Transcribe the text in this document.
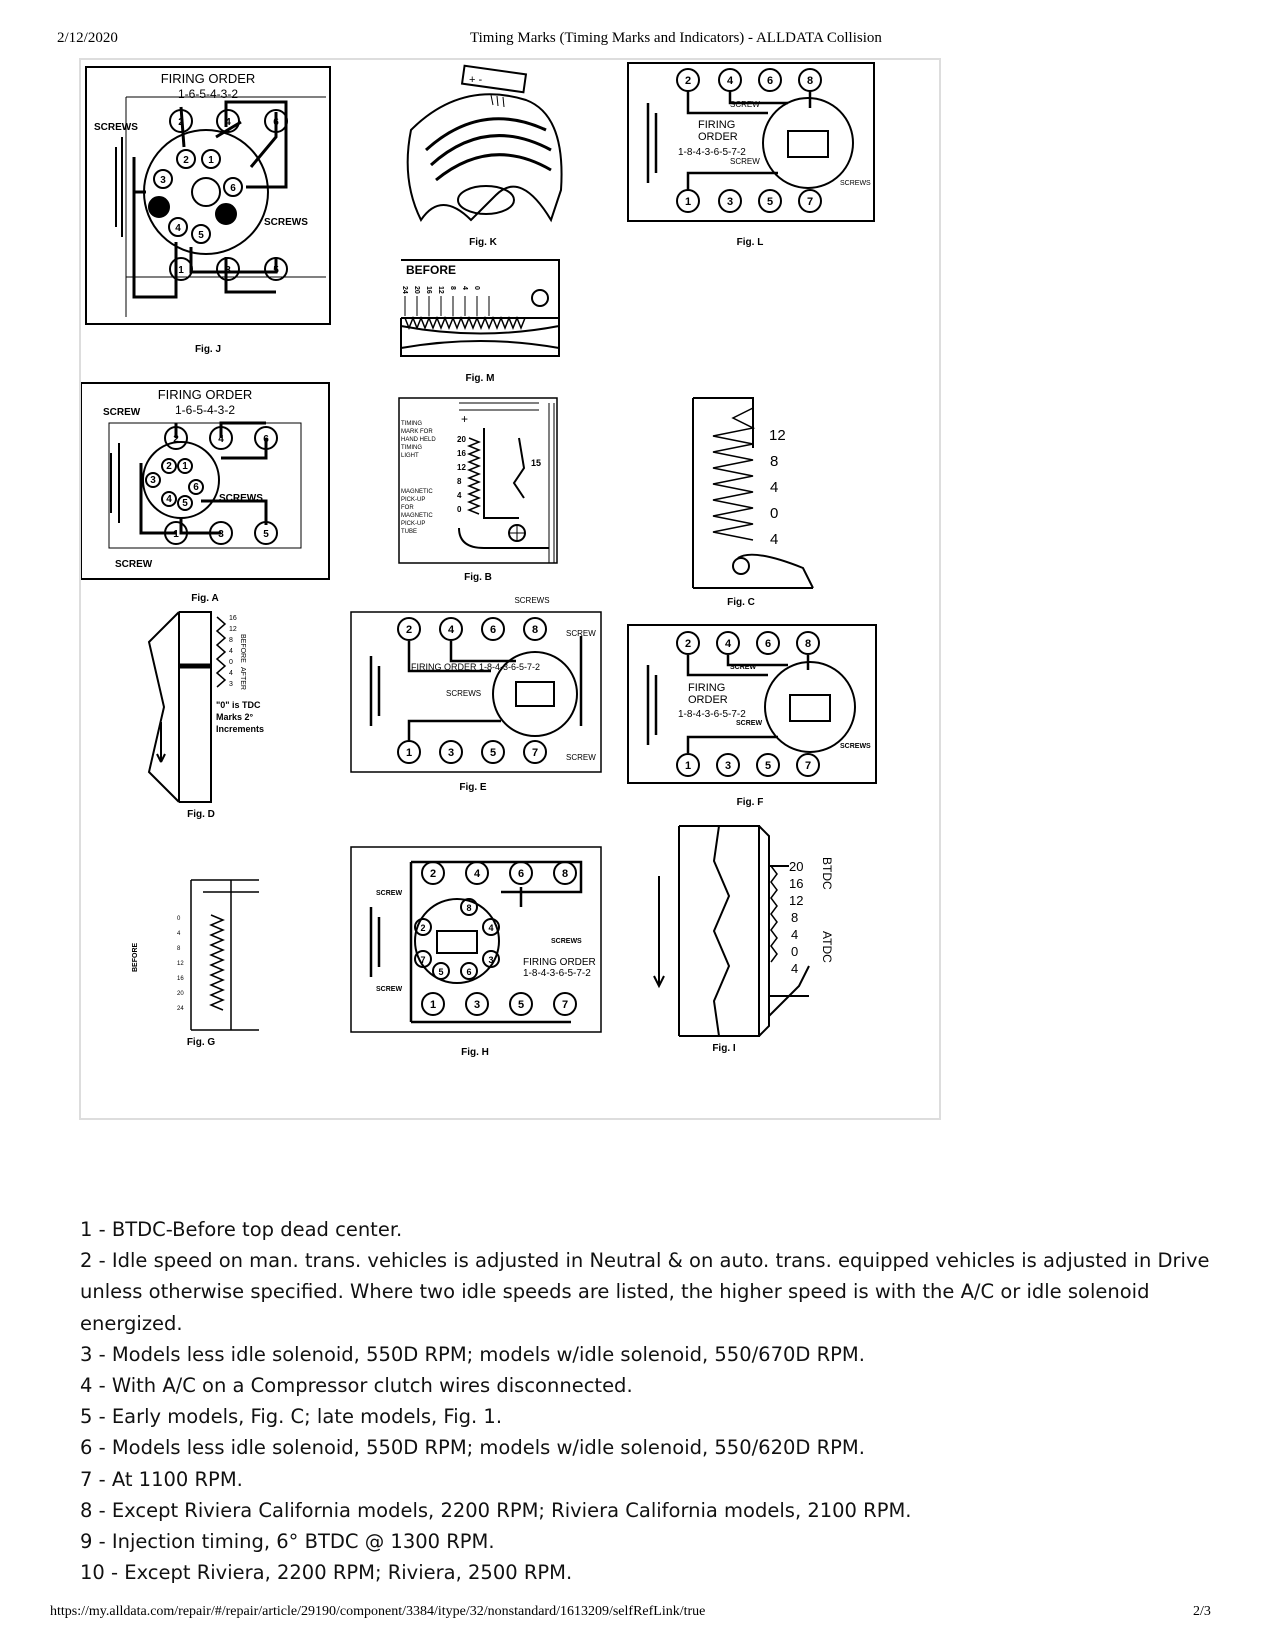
2/12/2020	Timing Marks (Timing Marks and Indicators) - ALLDATA Collision
FIRING ORDER
1-6-5-4-3-2
SCREWS
SCREWS
2	4	6
1	3	5
2 1
3
6
4
5
Fig. J
+ -
Fig. K
2	4	6	8
1	3	5	7
FIRING
ORDER
1-8-4-3-6-5-7-2
SCREW
SCREW
SCREWS
Fig. L
BEFORE
24 20 16 12 8 4 0
Fig. M
FIRING ORDER
1-6-5-4-3-2
SCREW
SCREWS
SCREW
2	4	6
1	3	5
2 1
3
6
4 5
Fig. A
TIMING
MARK FOR
HAND HELD
TIMING
LIGHT
MAGNETIC
PICK-UP
FOR
MAGNETIC
PICK-UP
TUBE
+
20
16
12
8
4
0
15
Fig. B
12
8
4
0
4
Fig. C
16
12
8
4
0
4
3
BEFORE
AFTER
"0" is TDC
Marks 2°
Increments
Fig. D
SCREWS
2	4	6	8
1	3	5	7
FIRING ORDER 1-8-4-3-6-5-7-2
SCREWS
SCREW
SCREW
Fig. E
2	4	6	8
1	3	5	7
FIRING
ORDER
1-8-4-3-6-5-7-2
SCREW
SCREW
SCREWS
Fig. F
BEFORE
0
4
8
12
16
20
24
Fig. G
2	4	6	8
1	3	5	7
8
2	4
7	3
5	6
SCREW
SCREW
SCREWS
FIRING ORDER
1-8-4-3-6-5-7-2
Fig. H
20
16
12
8
4
0
4
BTDC
ATDC
Fig. I
1 - BTDC-Before top dead center.
2 - Idle speed on man. trans. vehicles is adjusted in Neutral & on auto. trans. equipped vehicles is adjusted in Drive unless otherwise specified. Where two idle speeds are listed, the higher speed is with the A/C or idle solenoid energized.
3 - Models less idle solenoid, 550D RPM; models w/idle solenoid, 550/670D RPM.
4 - With A/C on a Compressor clutch wires disconnected.
5 - Early models, Fig. C; late models, Fig. 1.
6 - Models less idle solenoid, 550D RPM; models w/idle solenoid, 550/620D RPM.
7 - At 1100 RPM.
8 - Except Riviera California models, 2200 RPM; Riviera California models, 2100 RPM.
9 - Injection timing, 6° BTDC @ 1300 RPM.
10 - Except Riviera, 2200 RPM; Riviera, 2500 RPM.
https://my.alldata.com/repair/#/repair/article/29190/component/3384/itype/32/nonstandard/1613209/selfRefLink/true	2/3
